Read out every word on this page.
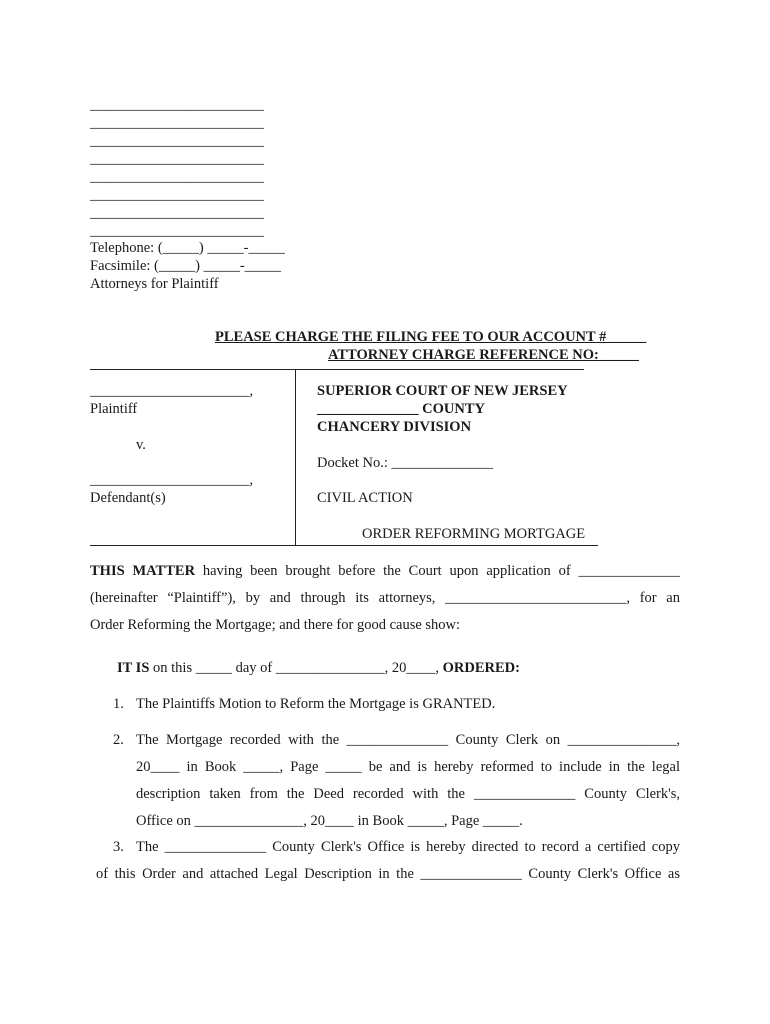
________________________
________________________
________________________
________________________
________________________
________________________
________________________
________________________
Telephone: (_____) _____-_____
Facsimile: (_____) _____-_____
Attorneys for Plaintiff
PLEASE CHARGE THE FILING FEE TO OUR ACCOUNT # _____
ATTORNEY CHARGE REFERENCE NO: _____
______________________,
Plaintiff
v.
______________________,
Defendant(s)
SUPERIOR COURT OF NEW JERSEY
______________ COUNTY
CHANCERY DIVISION
Docket No.: ______________
CIVIL ACTION
ORDER REFORMING MORTGAGE
THIS MATTER having been brought before the Court upon application of ______________
(hereinafter “Plaintiff”), by and through its attorneys, _________________________, for an
Order Reforming the Mortgage; and there for good cause show:
IT IS on this _____ day of _______________, 20____, ORDERED:
1. The Plaintiffs Motion to Reform the Mortgage is GRANTED.
2. The Mortgage recorded with the ______________ County Clerk on _______________,
20____ in Book _____, Page _____ be and is hereby reformed to include in the legal
description taken from the Deed recorded with the ______________ County Clerk's,
Office on _______________, 20____ in Book _____, Page _____.
3. The ______________ County Clerk's Office is hereby directed to record a certified copy
of this Order and attached Legal Description in the ______________ County Clerk's Office as
